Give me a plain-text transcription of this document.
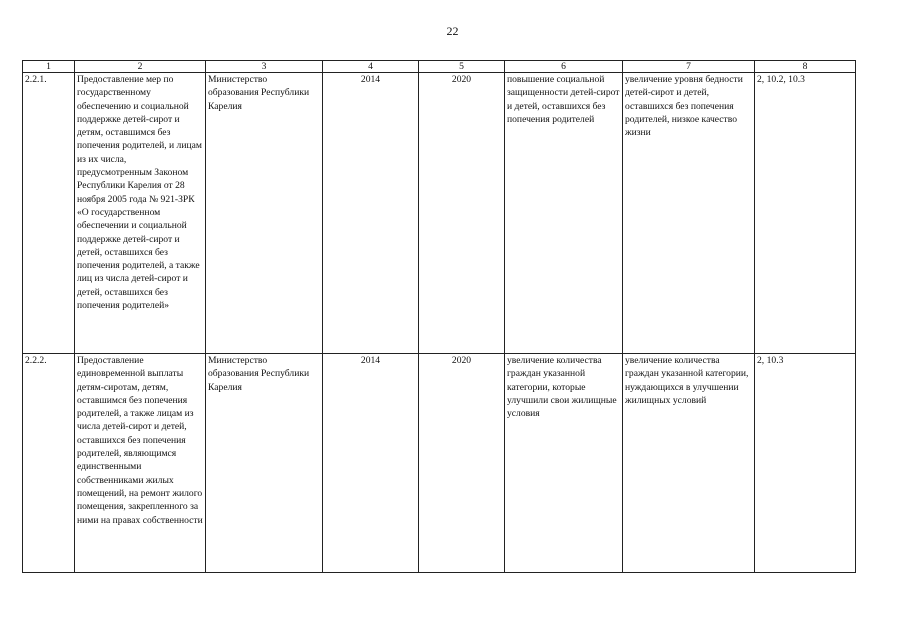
22
1	2	3	4	5	6	7	8
2.2.1.	Предоставление мер по государственному обеспечению и социальной поддержке детей-сирот и детям, оставшимся без попечения родителей, и лицам из их числа, предусмотренным Законом Республики Карелия от 28 ноября 2005 года № 921-ЗРК «О государственном обеспечении и социальной поддержке детей-сирот и детей, оставшихся без попечения родителей, а также лиц из числа детей-сирот и детей, оставшихся без попечения родителей»	Министерство образования Республики Карелия	2014	2020	повышение социальной защищенности детей-сирот и детей, оставшихся без попечения родителей	увеличение уровня бедности детей-сирот и детей, оставшихся без попечения родителей, низкое качество жизни	2, 10.2, 10.3
2.2.2.	Предоставление единовременной выплаты детям-сиротам, детям, оставшимся без попечения родителей, а также лицам из числа детей-сирот и детей, оставшихся без попечения родителей, являющимся единственными собственниками жилых помещений, на ремонт жилого помещения, закрепленного за ними на правах собственности	Министерство образования Республики Карелия	2014	2020	увеличение количества граждан указанной категории, которые улучшили свои жилищные условия	увеличение количества граждан указанной категории, нуждающихся в улучшении жилищных условий	2, 10.3
